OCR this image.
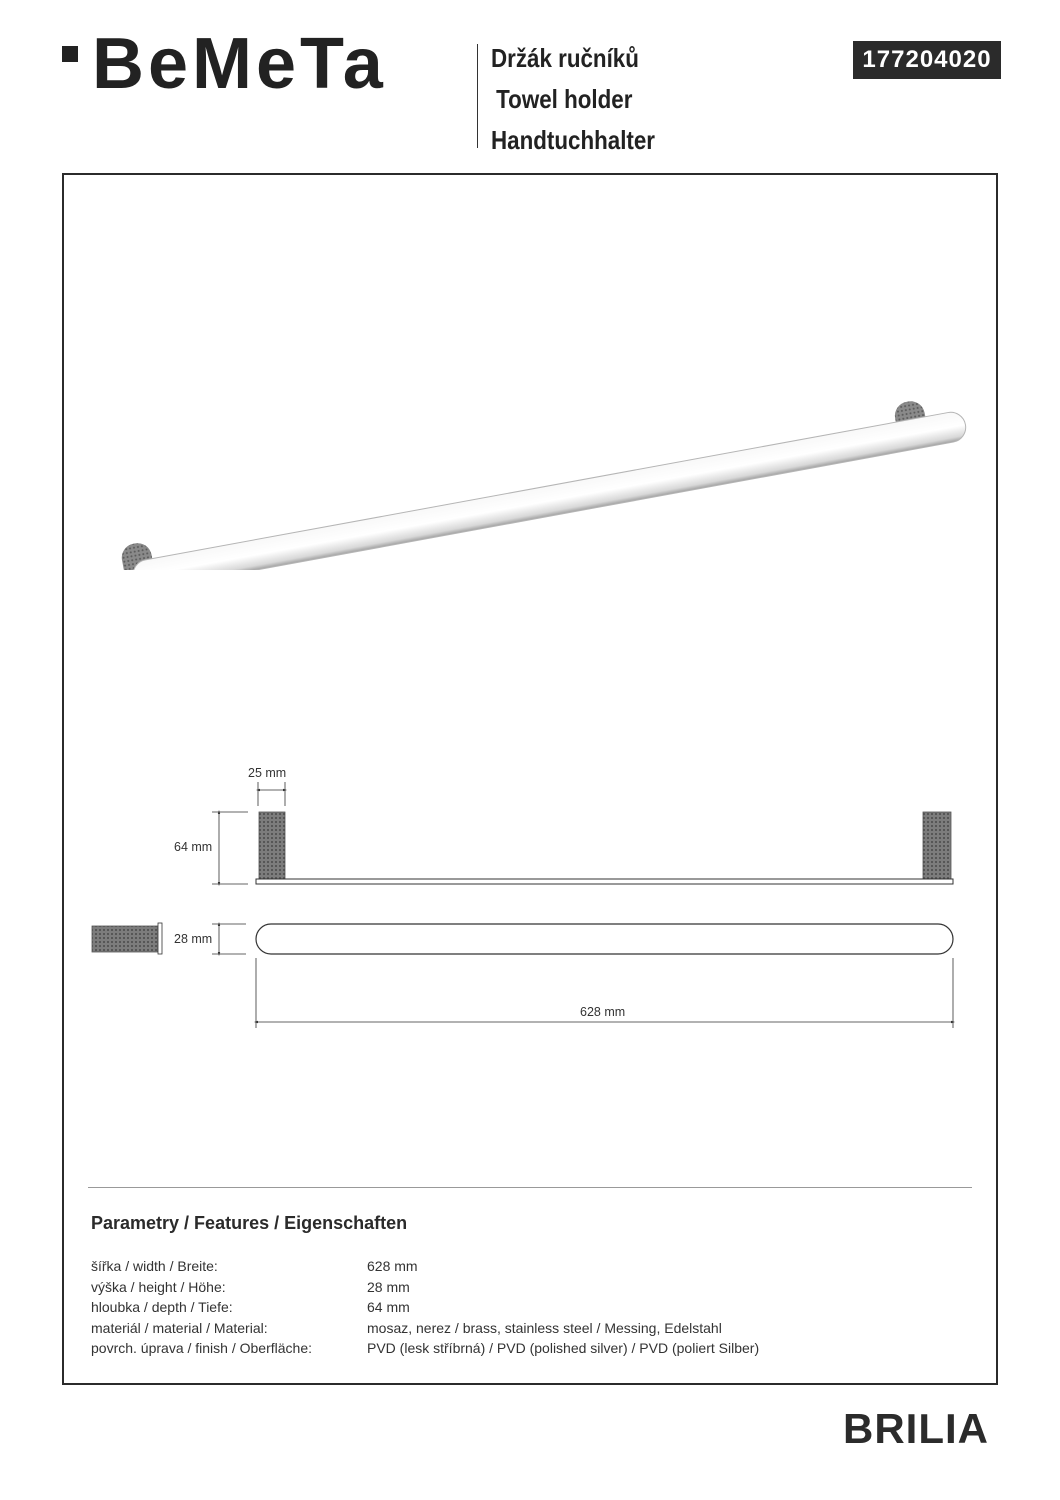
BeMeTa	Držák ručníků
Towel holder
Handtuchhalter
177204020
25 mm
64 mm
28 mm
628 mm
Parametry / Features / Eigenschaften
šířka / width / Breite:	628 mm
výška / height / Höhe:	28 mm
hloubka / depth / Tiefe:	64 mm
materiál / material / Material:	mosaz, nerez / brass, stainless steel / Messing, Edelstahl
povrch. úprava / finish / Oberfläche:	PVD (lesk stříbrná) / PVD (polished silver) / PVD (poliert Silber)
BRILIA
